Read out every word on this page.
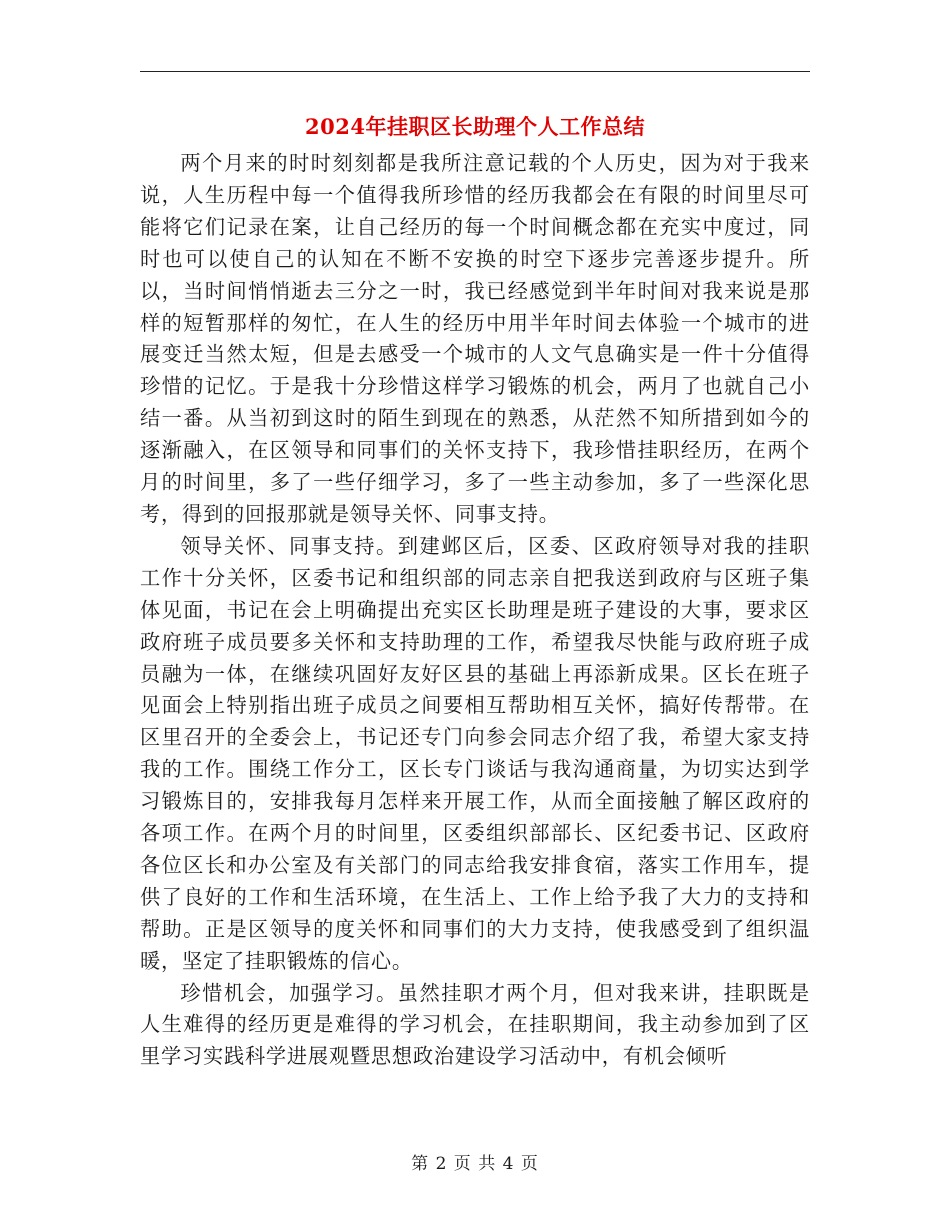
2024年挂职区长助理个人工作总结

两个月来的时时刻刻都是我所注意记载的个人历史，因为对于我来说，人生历程中每一个值得我所珍惜的经历我都会在有限的时间里尽可能将它们记录在案，让自己经历的每一个时间概念都在充实中度过，同时也可以使自己的认知在不断不安换的时空下逐步完善逐步提升。所以，当时间悄悄逝去三分之一时，我已经感觉到半年时间对我来说是那样的短暂那样的匆忙，在人生的经历中用半年时间去体验一个城市的进展变迁当然太短，但是去感受一个城市的人文气息确实是一件十分值得珍惜的记忆。于是我十分珍惜这样学习锻炼的机会，两月了也就自己小结一番。从当初到这时的陌生到现在的熟悉，从茫然不知所措到如今的逐渐融入，在区领导和同事们的关怀支持下，我珍惜挂职经历，在两个月的时间里，多了一些仔细学习，多了一些主动参加，多了一些深化思考，得到的回报那就是领导关怀、同事支持。

领导关怀、同事支持。到建邺区后，区委、区政府领导对我的挂职工作十分关怀，区委书记和组织部的同志亲自把我送到政府与区班子集体见面，书记在会上明确提出充实区长助理是班子建设的大事，要求区政府班子成员要多关怀和支持助理的工作，希望我尽快能与政府班子成员融为一体，在继续巩固好友好区县的基础上再添新成果。区长在班子见面会上特别指出班子成员之间要相互帮助相互关怀，搞好传帮带。在区里召开的全委会上，书记还专门向参会同志介绍了我，希望大家支持我的工作。围绕工作分工，区长专门谈话与我沟通商量，为切实达到学习锻炼目的，安排我每月怎样来开展工作，从而全面接触了解区政府的各项工作。在两个月的时间里，区委组织部部长、区纪委书记、区政府各位区长和办公室及有关部门的同志给我安排食宿，落实工作用车，提供了良好的工作和生活环境，在生活上、工作上给予我了大力的支持和帮助。正是区领导的度关怀和同事们的大力支持，使我感受到了组织温暖，坚定了挂职锻炼的信心。

珍惜机会，加强学习。虽然挂职才两个月，但对我来讲，挂职既是人生难得的经历更是难得的学习机会，在挂职期间，我主动参加到了区里学习实践科学进展观暨思想政治建设学习活动中，有机会倾听

第 2 页 共 4 页
